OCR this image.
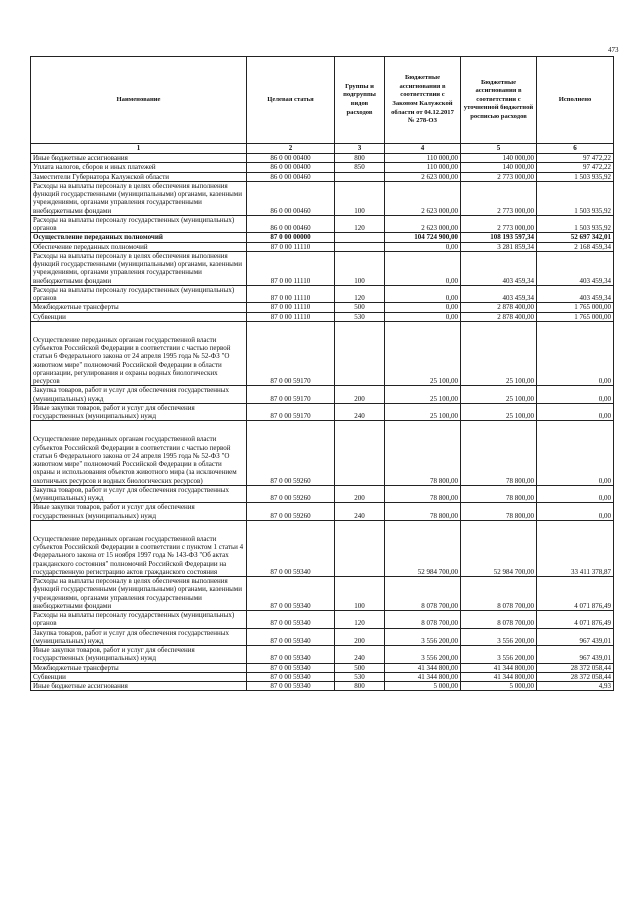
473
Наименование	Целевая статья	Группы и подгруппы видов расходов	Бюджетные ассигнования в соответствии с Законом Калужской области от 04.12.2017 № 278-ОЗ	Бюджетные ассигнования в соответствии с уточненной бюджетной росписью расходов	Исполнено
1	2	3	4	5	6
Иные бюджетные ассигнования	86 0 00 00400	800	110 000,00	140 000,00	97 472,22
Уплата налогов, сборов и иных платежей	86 0 00 00400	850	110 000,00	140 000,00	97 472,22
Заместители Губернатора Калужской области	86 0 00 00460		2 623 000,00	2 773 000,00	1 503 935,92
Расходы на выплаты персоналу в целях обеспечения выполнения функций государственными (муниципальными) органами, казенными учреждениями, органами управления государственными внебюджетными фондами	86 0 00 00460	100	2 623 000,00	2 773 000,00	1 503 935,92
Расходы на выплаты персоналу государственных (муниципальных) органов	86 0 00 00460	120	2 623 000,00	2 773 000,00	1 503 935,92
Осуществление переданных полномочий	87 0 00 00000		104 724 900,00	108 193 597,34	52 697 342,01
Обеспечение переданных полномочий	87 0 00 11110		0,00	3 281 859,34	2 168 459,34
Расходы на выплаты персоналу в целях обеспечения выполнения функций государственными (муниципальными) органами, казенными учреждениями, органами управления государственными внебюджетными фондами	87 0 00 11110	100	0,00	403 459,34	403 459,34
Расходы на выплаты персоналу государственных (муниципальных) органов	87 0 00 11110	120	0,00	403 459,34	403 459,34
Межбюджетные трансферты	87 0 00 11110	500	0,00	2 878 400,00	1 765 000,00
Субвенции	87 0 00 11110	530	0,00	2 878 400,00	1 765 000,00
Осуществление переданных органам государственной власти субъектов Российской Федерации в соответствии с частью первой статьи 6 Федерального закона от 24 апреля 1995 года № 52-ФЗ "О животном мире" полномочий Российской Федерации в области организации, регулирования и охраны водных биологических ресурсов	87 0 00 59170		25 100,00	25 100,00	0,00
Закупка товаров, работ и услуг для обеспечения государственных (муниципальных) нужд	87 0 00 59170	200	25 100,00	25 100,00	0,00
Иные закупки товаров, работ и услуг для обеспечения государственных (муниципальных) нужд	87 0 00 59170	240	25 100,00	25 100,00	0,00
Осуществление переданных органам государственной власти субъектов Российской Федерации в соответствии с частью первой статьи 6 Федерального закона от 24 апреля 1995 года № 52-ФЗ "О животном мире" полномочий Российской Федерации в области охраны и использования объектов животного мира (за исключением охотничьих ресурсов и водных биологических ресурсов)	87 0 00 59260		78 800,00	78 800,00	0,00
Закупка товаров, работ и услуг для обеспечения государственных (муниципальных) нужд	87 0 00 59260	200	78 800,00	78 800,00	0,00
Иные закупки товаров, работ и услуг для обеспечения государственных (муниципальных) нужд	87 0 00 59260	240	78 800,00	78 800,00	0,00
Осуществление переданных органам государственной власти субъектов Российской Федерации в соответствии с пунктом 1 статьи 4 Федерального закона от 15 ноября 1997 года № 143-ФЗ "Об актах гражданского состояния" полномочий Российской Федерации на государственную регистрацию актов гражданского состояния	87 0 00 59340		52 984 700,00	52 984 700,00	33 411 378,87
Расходы на выплаты персоналу в целях обеспечения выполнения функций государственными (муниципальными) органами, казенными учреждениями, органами управления государственными внебюджетными фондами	87 0 00 59340	100	8 078 700,00	8 078 700,00	4 071 876,49
Расходы на выплаты персоналу государственных (муниципальных) органов	87 0 00 59340	120	8 078 700,00	8 078 700,00	4 071 876,49
Закупка товаров, работ и услуг для обеспечения государственных (муниципальных) нужд	87 0 00 59340	200	3 556 200,00	3 556 200,00	967 439,01
Иные закупки товаров, работ и услуг для обеспечения государственных (муниципальных) нужд	87 0 00 59340	240	3 556 200,00	3 556 200,00	967 439,01
Межбюджетные трансферты	87 0 00 59340	500	41 344 800,00	41 344 800,00	28 372 058,44
Субвенции	87 0 00 59340	530	41 344 800,00	41 344 800,00	28 372 058,44
Иные бюджетные ассигнования	87 0 00 59340	800	5 000,00	5 000,00	4,93
